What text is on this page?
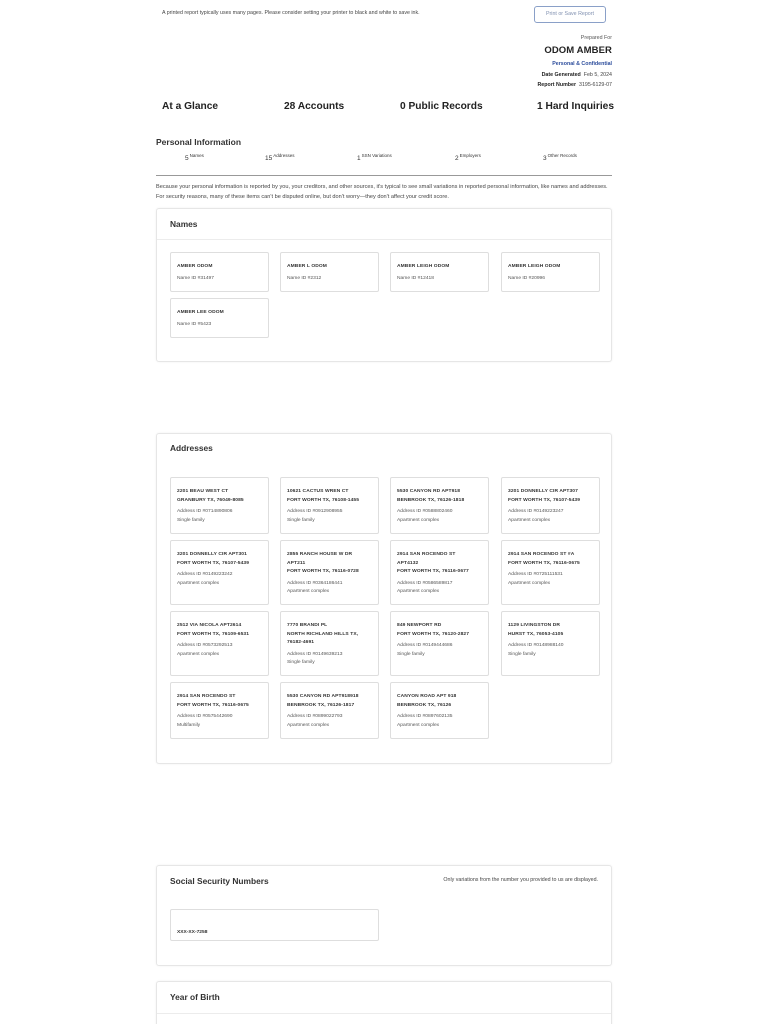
A printed report typically uses many pages. Please consider setting your printer to black and white to save ink.	Print or Save Report
Prepared For
ODOM AMBER
Personal & Confidential
Date Generated Feb 5, 2024
Report Number 3195-6129-07
At a Glance	28 Accounts	0 Public Records	1 Hard Inquiries
Personal Information
$5^{Names}$	$15^{Addresses}$	$1^{SSN Variations}$	$2^{Employers}$	$3^{Other Records}$
Because your personal information is reported by you, your creditors, and other sources, it's typical to see small variations in reported personal information, like names and addresses. For security reasons, many of these items can't be disputed online, but don't worry—they don't affect your credit score.
Names
AMBER ODOM
Name ID #31497
AMBER L ODOM
Name ID #2312
AMBER LEIGH ODOM
Name ID #12418
AMBER LEIGH ODOM
Name ID #20996
AMBER LEE ODOM
Name ID #5423
Addresses
2201 BEAU WEST CT
GRANBURY TX, 76049-8085
Address ID #0714890806
Single family
10621 CACTUS WREN CT
FORT WORTH TX, 76108-1455
Address ID #0912908955
Single family
5530 CANYON RD APT918
BENBROOK TX, 76126-1818
Address ID #0588802460
Apartment complex
3201 DONNELLY CIR APT307
FORT WORTH TX, 76107-5439
Address ID #0149223247
Apartment complex
3201 DONNELLY CIR APT301
FORT WORTH TX, 76107-5439
Address ID #0149223242
Apartment complex
2855 RANCH HOUSE W DR
APT211
FORT WORTH TX, 76116-0728
Address ID #0364186441
Apartment complex
2914 SAN ROCENDO ST
APT4132
FORT WORTH TX, 76116-0677
Address ID #0586589817
Apartment complex
2914 SAN ROCENDO ST #A
FORT WORTH TX, 76116-0675
Address ID #0725111531
Apartment complex
2512 VIA NICOLA APT2614
FORT WORTH TX, 76109-6531
Address ID #0573292513
Apartment complex
7770 BRANDI PL
NORTH RICHLAND HILLS TX,
76182-4691
Address ID #0149639213
Single family
849 NEWPORT RD
FORT WORTH TX, 76120-2827
Address ID #0149444686
Single family
1129 LIVINGSTON DR
HURST TX, 76053-4105
Address ID #0148988140
Single family
2914 SAN ROCENDO ST
FORT WORTH TX, 76116-0675
Address ID #0575442690
Multifamily
5530 CANYON RD APT918918
BENBROOK TX, 76126-1817
Address ID #0899022793
Apartment complex
CANYON ROAD APT 918
BENBROOK TX, 76126
Address ID #0897602135
Apartment complex
Social Security Numbers	Only variations from the number you provided to us are displayed.
XXX-XX-7258
Year of Birth
